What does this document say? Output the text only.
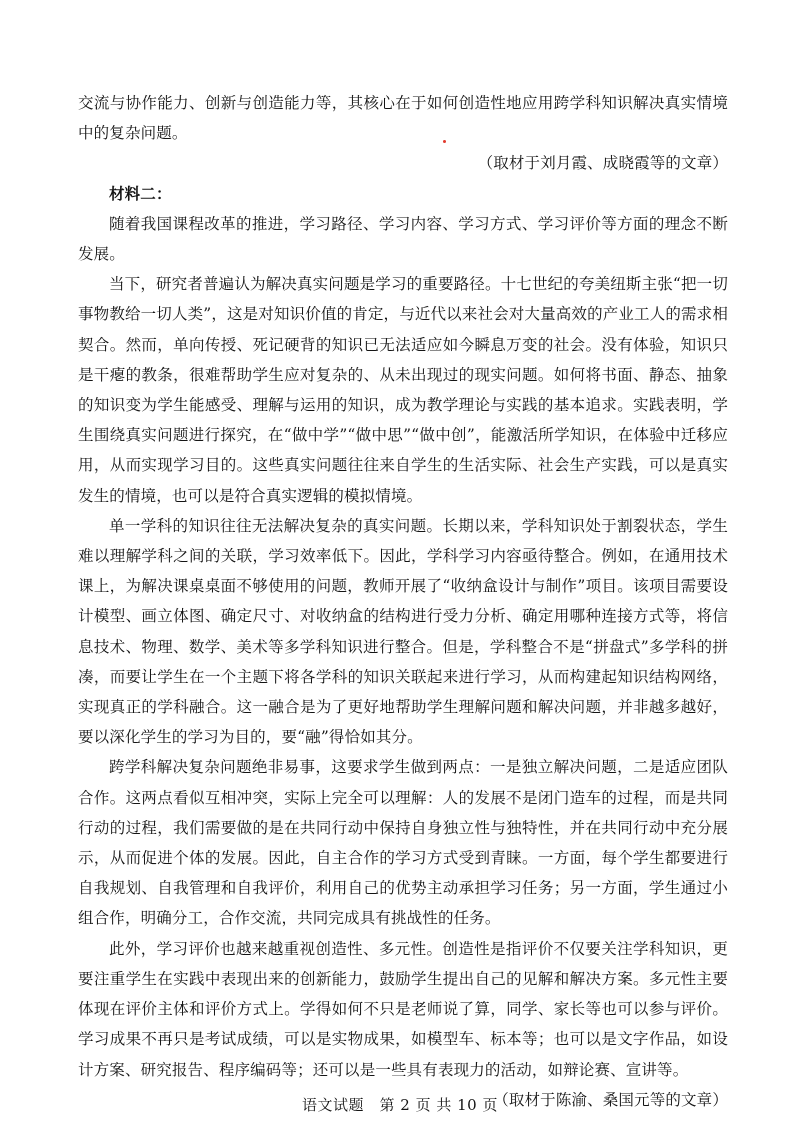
交流与协作能力、创新与创造能力等，其核心在于如何创造性地应用跨学科知识解决真实情境中的复杂问题。

（取材于刘月霞、成晓霞等的文章）

材料二：

随着我国课程改革的推进，学习路径、学习内容、学习方式、学习评价等方面的理念不断发展。

当下，研究者普遍认为解决真实问题是学习的重要路径。十七世纪的夸美纽斯主张“把一切事物教给一切人类”，这是对知识价值的肯定，与近代以来社会对大量高效的产业工人的需求相契合。然而，单向传授、死记硬背的知识已无法适应如今瞬息万变的社会。没有体验，知识只是干瘪的教条，很难帮助学生应对复杂的、从未出现过的现实问题。如何将书面、静态、抽象的知识变为学生能感受、理解与运用的知识，成为教学理论与实践的基本追求。实践表明，学生围绕真实问题进行探究，在“做中学”“做中思”“做中创”，能激活所学知识，在体验中迁移应用，从而实现学习目的。这些真实问题往往来自学生的生活实际、社会生产实践，可以是真实发生的情境，也可以是符合真实逻辑的模拟情境。

单一学科的知识往往无法解决复杂的真实问题。长期以来，学科知识处于割裂状态，学生难以理解学科之间的关联，学习效率低下。因此，学科学习内容亟待整合。例如，在通用技术课上，为解决课桌桌面不够使用的问题，教师开展了“收纳盒设计与制作”项目。该项目需要设计模型、画立体图、确定尺寸、对收纳盒的结构进行受力分析、确定用哪种连接方式等，将信息技术、物理、数学、美术等多学科知识进行整合。但是，学科整合不是“拼盘式”多学科的拼凑，而要让学生在一个主题下将各学科的知识关联起来进行学习，从而构建起知识结构网络，实现真正的学科融合。这一融合是为了更好地帮助学生理解问题和解决问题，并非越多越好，要以深化学生的学习为目的，要“融”得恰如其分。

跨学科解决复杂问题绝非易事，这要求学生做到两点：一是独立解决问题，二是适应团队合作。这两点看似互相冲突，实际上完全可以理解：人的发展不是闭门造车的过程，而是共同行动的过程，我们需要做的是在共同行动中保持自身独立性与独特性，并在共同行动中充分展示，从而促进个体的发展。因此，自主合作的学习方式受到青睐。一方面，每个学生都要进行自我规划、自我管理和自我评价，利用自己的优势主动承担学习任务；另一方面，学生通过小组合作，明确分工，合作交流，共同完成具有挑战性的任务。

此外，学习评价也越来越重视创造性、多元性。创造性是指评价不仅要关注学科知识，更要注重学生在实践中表现出来的创新能力，鼓励学生提出自己的见解和解决方案。多元性主要体现在评价主体和评价方式上。学得如何不只是老师说了算，同学、家长等也可以参与评价。学习成果不再只是考试成绩，可以是实物成果，如模型车、标本等；也可以是文字作品，如设计方案、研究报告、程序编码等；还可以是一些具有表现力的活动，如辩论赛、宣讲等。

（取材于陈渝、桑国元等的文章）

语文试题　第 2 页 共 10 页
